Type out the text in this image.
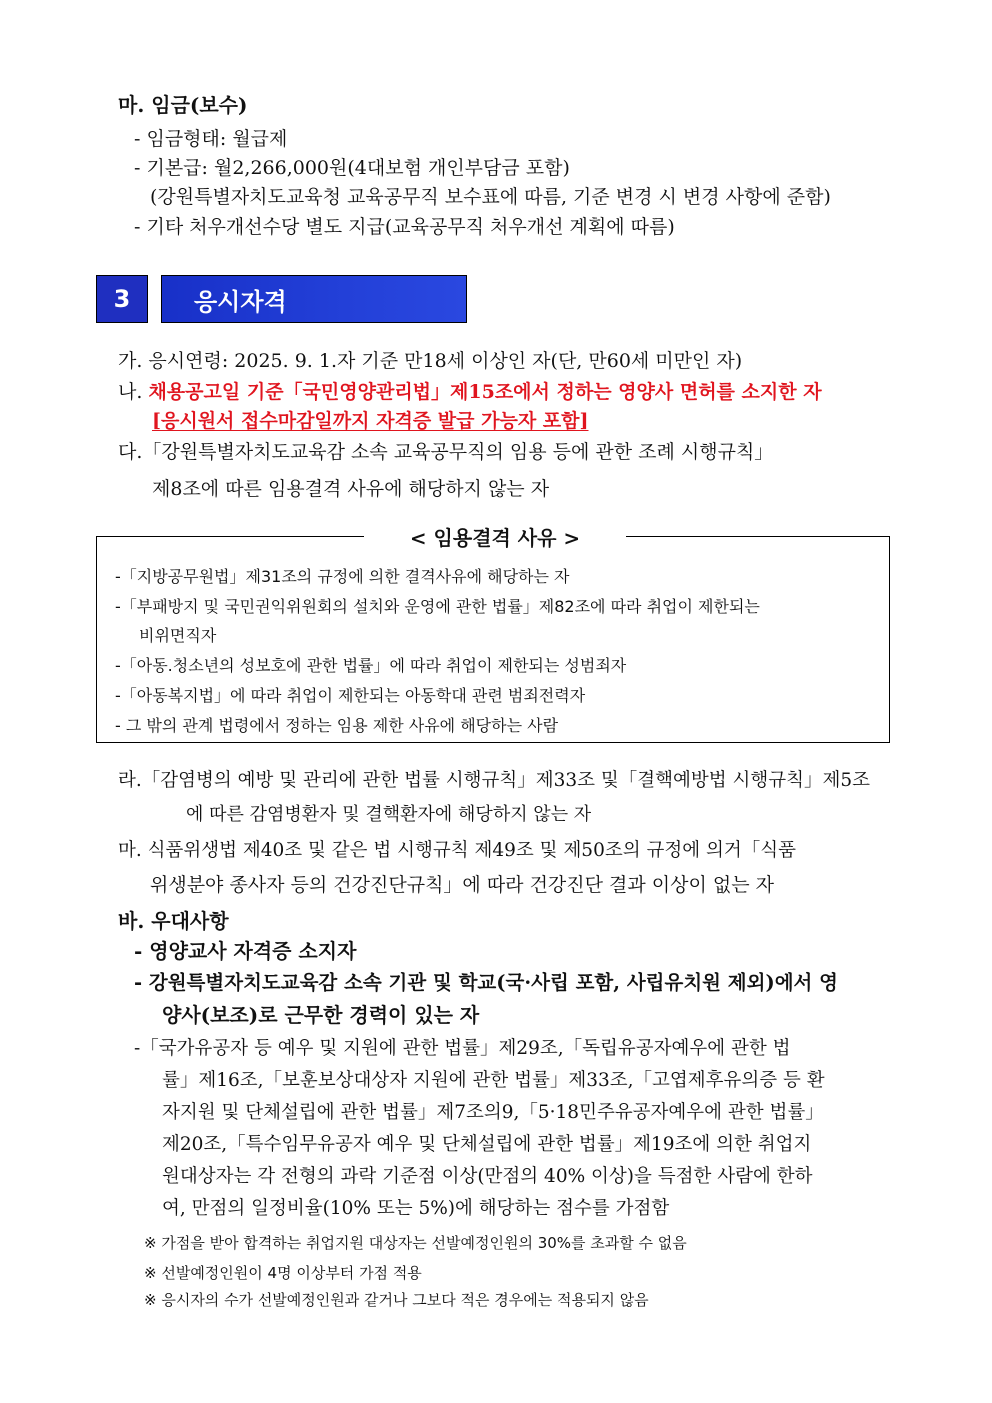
마. 임금(보수)
- 임금형태: 월급제
- 기본급: 월2,266,000원(4대보험 개인부담금 포함)
(강원특별자치도교육청 교육공무직 보수표에 따름, 기준 변경 시 변경 사항에 준함)
- 기타 처우개선수당 별도 지급(교육공무직 처우개선 계획에 따름)
3	응시자격
가. 응시연령: 2025. 9. 1.자 기준 만18세 이상인 자(단, 만60세 미만인 자)
나. 채용공고일 기준「국민영양관리법」제15조에서 정하는 영양사 면허를 소지한 자
[응시원서 접수마감일까지 자격증 발급 가능자 포함]
다.「강원특별자치도교육감 소속 교육공무직의 임용 등에 관한 조례 시행규칙」
제8조에 따른 임용결격 사유에 해당하지 않는 자
-「지방공무원법」제31조의 규정에 의한 결격사유에 해당하는 자
-「부패방지 및 국민권익위원회의 설치와 운영에 관한 법률」제82조에 따라 취업이 제한되는
비위면직자
-「아동.청소년의 성보호에 관한 법률」에 따라 취업이 제한되는 성범죄자
-「아동복지법」에 따라 취업이 제한되는 아동학대 관련 범죄전력자
- 그 밖의 관계 법령에서 정하는 임용 제한 사유에 해당하는 사람
< 임용결격 사유 >
라.「감염병의 예방 및 관리에 관한 법률 시행규칙」제33조 및「결핵예방법 시행규칙」제5조
에 따른 감염병환자 및 결핵환자에 해당하지 않는 자
마. 식품위생법 제40조 및 같은 법 시행규칙 제49조 및 제50조의 규정에 의거「식품
위생분야 종사자 등의 건강진단규칙」에 따라 건강진단 결과 이상이 없는 자
바. 우대사항
- 영양교사 자격증 소지자
- 강원특별자치도교육감 소속 기관 및 학교(국·사립 포함, 사립유치원 제외)에서 영
양사(보조)로 근무한 경력이 있는 자
-「국가유공자 등 예우 및 지원에 관한 법률」제29조,「독립유공자예우에 관한 법
률」제16조,「보훈보상대상자 지원에 관한 법률」제33조,「고엽제후유의증 등 환
자지원 및 단체설립에 관한 법률」제7조의9,「5·18민주유공자예우에 관한 법률」
제20조,「특수임무유공자 예우 및 단체설립에 관한 법률」제19조에 의한 취업지
원대상자는 각 전형의 과락 기준점 이상(만점의 40% 이상)을 득점한 사람에 한하
여, 만점의 일정비율(10% 또는 5%)에 해당하는 점수를 가점함
※ 가점을 받아 합격하는 취업지원 대상자는 선발예정인원의 30%를 초과할 수 없음
※ 선발예정인원이 4명 이상부터 가점 적용
※ 응시자의 수가 선발예정인원과 같거나 그보다 적은 경우에는 적용되지 않음
